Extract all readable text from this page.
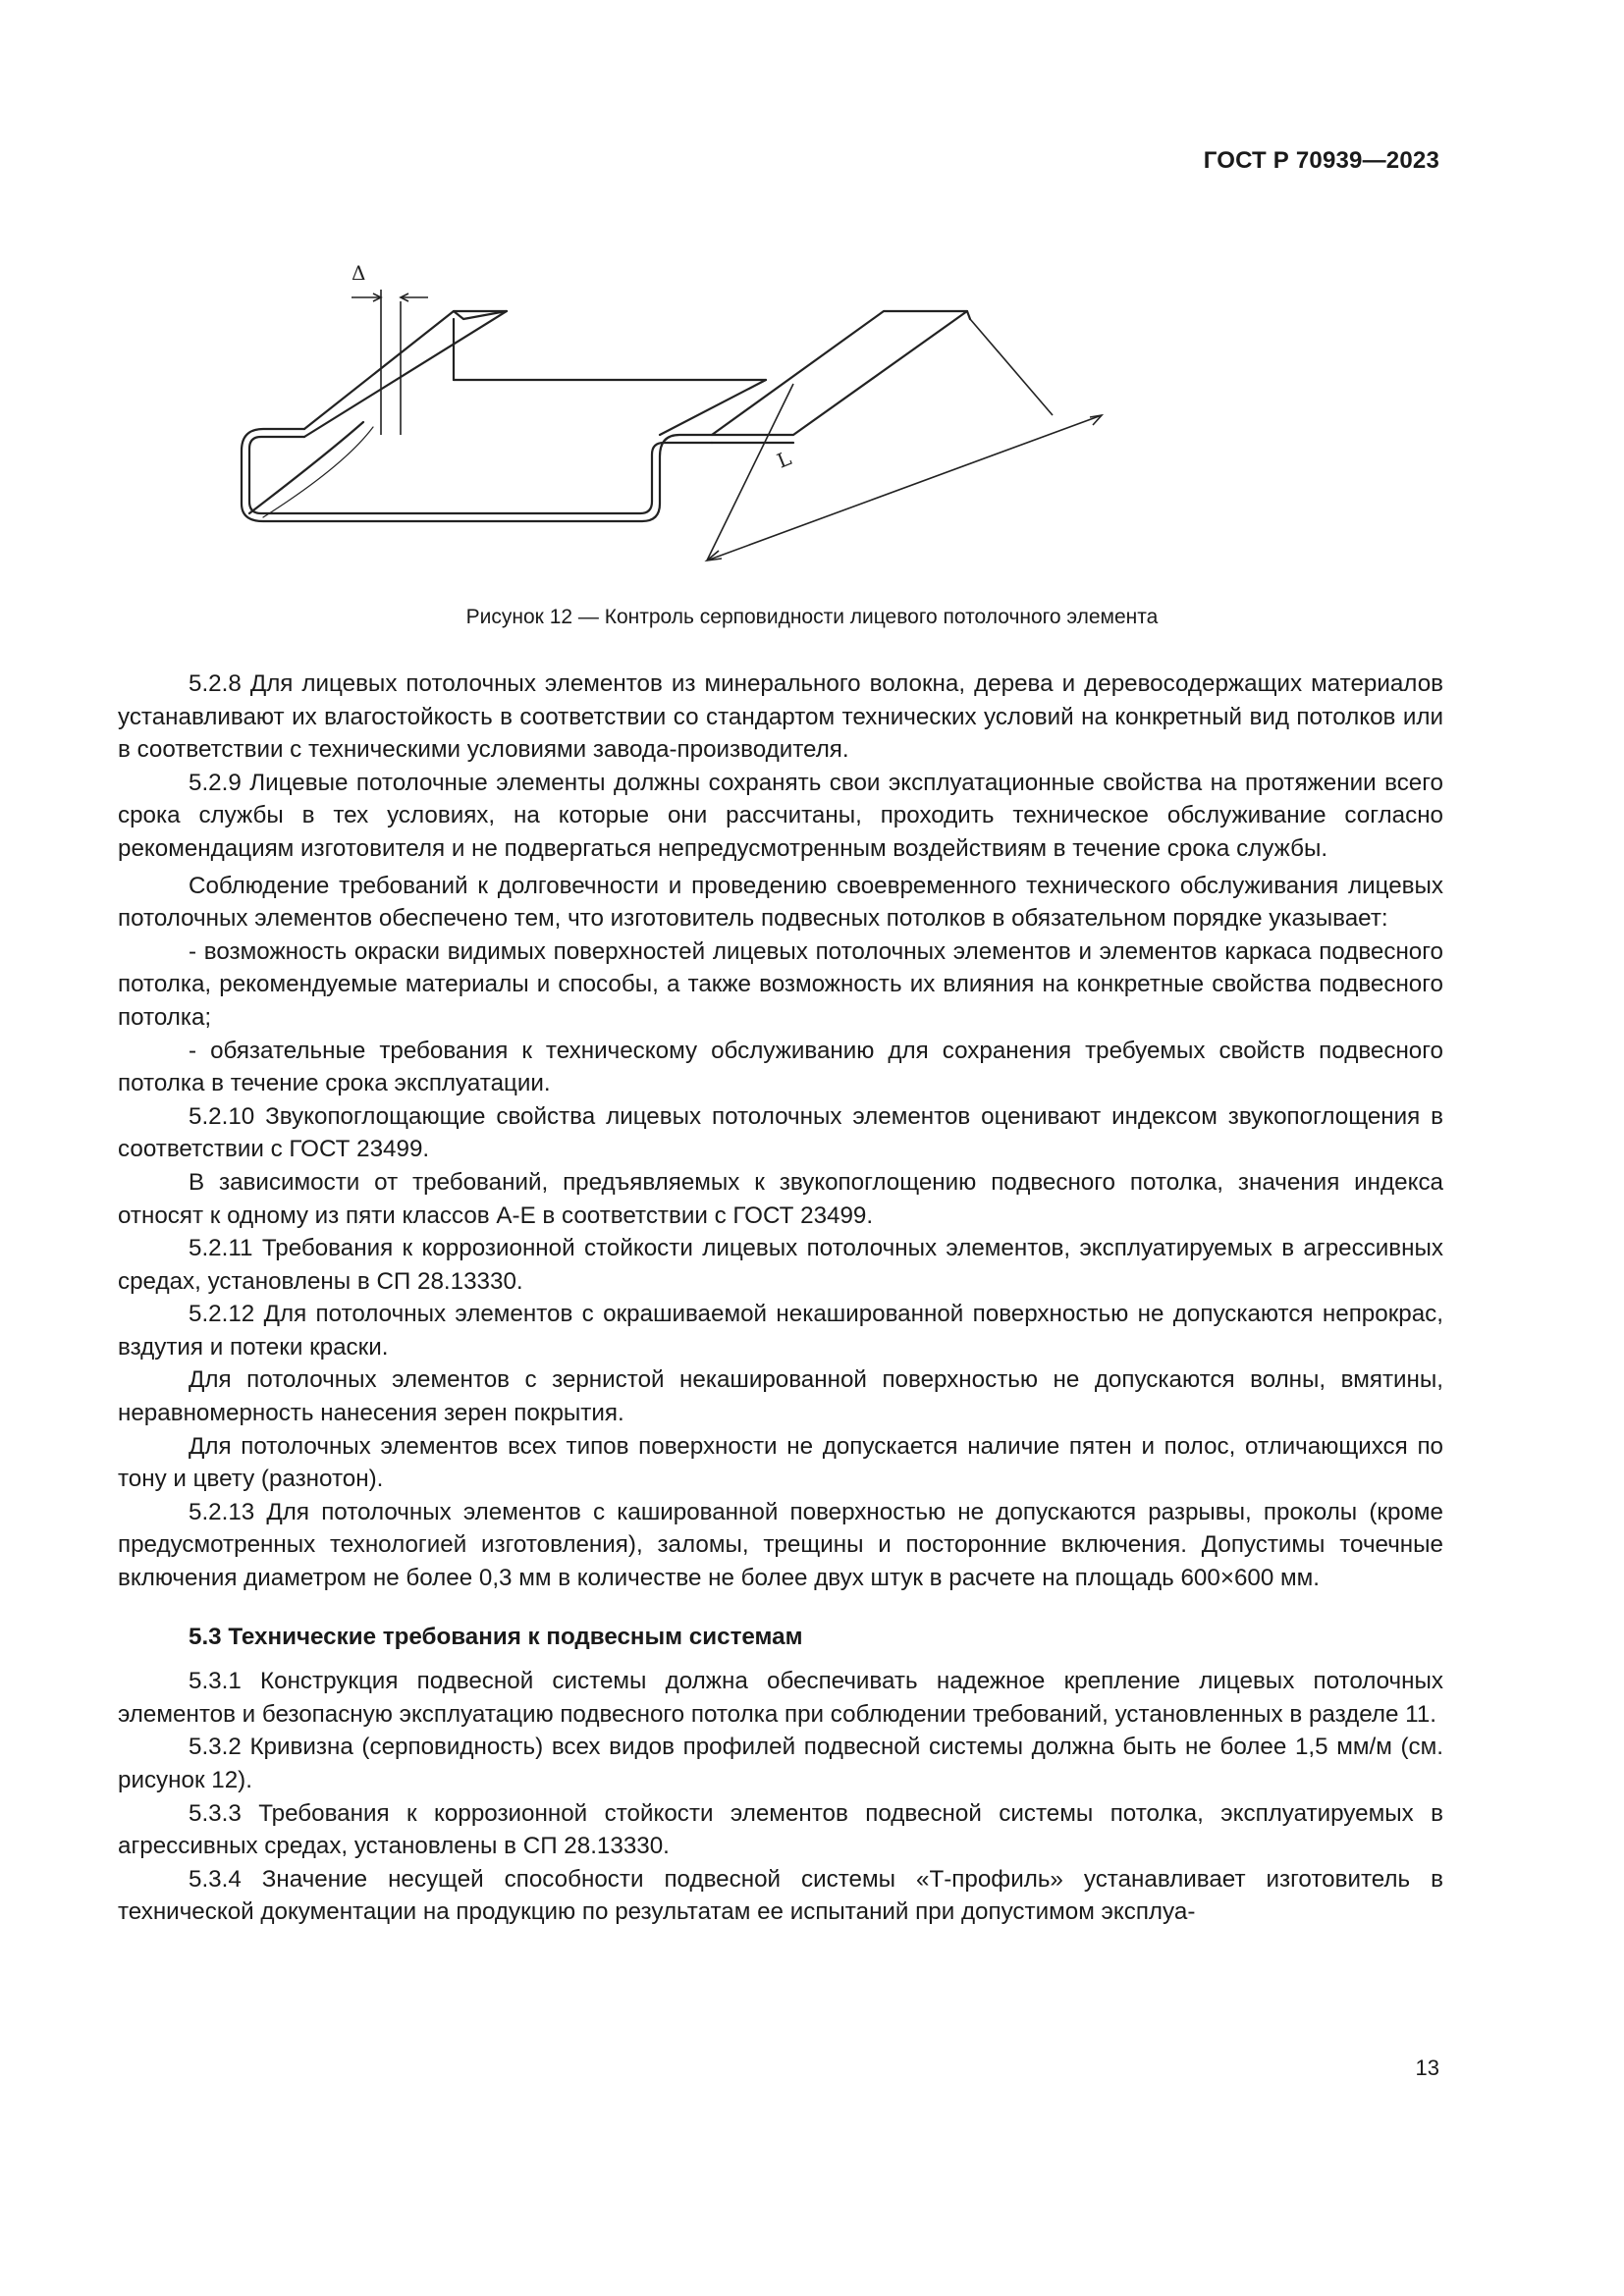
ГОСТ Р 70939—2023
Δ
L
Рисунок 12 — Контроль серповидности лицевого потолочного элемента

5.2.8 Для лицевых потолочных элементов из минерального волокна, дерева и деревосодержащих материалов устанавливают их влагостойкость в соответствии со стандартом технических условий на конкретный вид потолков или в соответствии с техническими условиями завода-производителя.

5.2.9 Лицевые потолочные элементы должны сохранять свои эксплуатационные свойства на протяжении всего срока службы в тех условиях, на которые они рассчитаны, проходить техническое обслуживание согласно рекомендациям изготовителя и не подвергаться непредусмотренным воздействиям в течение срока службы.

Соблюдение требований к долговечности и проведению своевременного технического обслуживания лицевых потолочных элементов обеспечено тем, что изготовитель подвесных потолков в обязательном порядке указывает:

- возможность окраски видимых поверхностей лицевых потолочных элементов и элементов каркаса подвесного потолка, рекомендуемые материалы и способы, а также возможность их влияния на конкретные свойства подвесного потолка;

- обязательные требования к техническому обслуживанию для сохранения требуемых свойств подвесного потолка в течение срока эксплуатации.

5.2.10 Звукопоглощающие свойства лицевых потолочных элементов оценивают индексом звукопоглощения в соответствии с ГОСТ 23499.

В зависимости от требований, предъявляемых к звукопоглощению подвесного потолка, значения индекса относят к одному из пяти классов А-Е в соответствии с ГОСТ 23499.

5.2.11 Требования к коррозионной стойкости лицевых потолочных элементов, эксплуатируемых в агрессивных средах, установлены в СП 28.13330.

5.2.12 Для потолочных элементов с окрашиваемой некашированной поверхностью не допускаются непрокрас, вздутия и потеки краски.

Для потолочных элементов с зернистой некашированной поверхностью не допускаются волны, вмятины, неравномерность нанесения зерен покрытия.

Для потолочных элементов всех типов поверхности не допускается наличие пятен и полос, отличающихся по тону и цвету (разнотон).

5.2.13 Для потолочных элементов с кашированной поверхностью не допускаются разрывы, проколы (кроме предусмотренных технологией изготовления), заломы, трещины и посторонние включения. Допустимы точечные включения диаметром не более 0,3 мм в количестве не более двух штук в расчете на площадь 600×600 мм.

5.3 Технические требования к подвесным системам

5.3.1 Конструкция подвесной системы должна обеспечивать надежное крепление лицевых потолочных элементов и безопасную эксплуатацию подвесного потолка при соблюдении требований, установленных в разделе 11.

5.3.2 Кривизна (серповидность) всех видов профилей подвесной системы должна быть не более 1,5 мм/м (см. рисунок 12).

5.3.3 Требования к коррозионной стойкости элементов подвесной системы потолка, эксплуатируемых в агрессивных средах, установлены в СП 28.13330.

5.3.4 Значение несущей способности подвесной системы «Т-профиль» устанавливает изготовитель в технической документации на продукцию по результатам ее испытаний при допустимом эксплуа-

13
